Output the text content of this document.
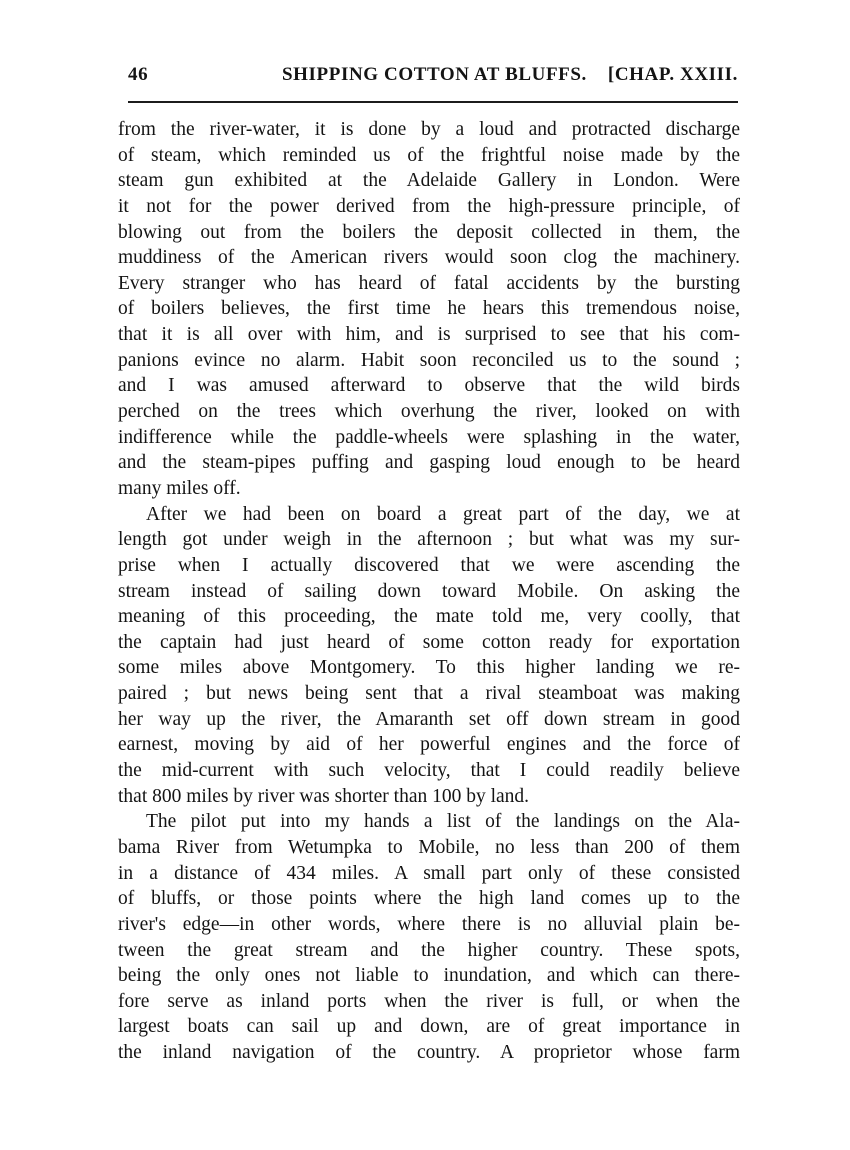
46	SHIPPING COTTON AT BLUFFS. [CHAP. XXIII.
from the river-water, it is done by a loud and protracted discharge
of steam, which reminded us of the frightful noise made by the
steam gun exhibited at the Adelaide Gallery in London. Were
it not for the power derived from the high-pressure principle, of
blowing out from the boilers the deposit collected in them, the
muddiness of the American rivers would soon clog the machinery.
Every stranger who has heard of fatal accidents by the bursting
of boilers believes, the first time he hears this tremendous noise,
that it is all over with him, and is surprised to see that his com-
panions evince no alarm. Habit soon reconciled us to the sound ;
and I was amused afterward to observe that the wild birds
perched on the trees which overhung the river, looked on with
indifference while the paddle-wheels were splashing in the water,
and the steam-pipes puffing and gasping loud enough to be heard
many miles off.
After we had been on board a great part of the day, we at
length got under weigh in the afternoon ; but what was my sur-
prise when I actually discovered that we were ascending the
stream instead of sailing down toward Mobile. On asking the
meaning of this proceeding, the mate told me, very coolly, that
the captain had just heard of some cotton ready for exportation
some miles above Montgomery. To this higher landing we re-
paired ; but news being sent that a rival steamboat was making
her way up the river, the Amaranth set off down stream in good
earnest, moving by aid of her powerful engines and the force of
the mid-current with such velocity, that I could readily believe
that 800 miles by river was shorter than 100 by land.
The pilot put into my hands a list of the landings on the Ala-
bama River from Wetumpka to Mobile, no less than 200 of them
in a distance of 434 miles. A small part only of these consisted
of bluffs, or those points where the high land comes up to the
river's edge—in other words, where there is no alluvial plain be-
tween the great stream and the higher country. These spots,
being the only ones not liable to inundation, and which can there-
fore serve as inland ports when the river is full, or when the
largest boats can sail up and down, are of great importance in
the inland navigation of the country. A proprietor whose farm
